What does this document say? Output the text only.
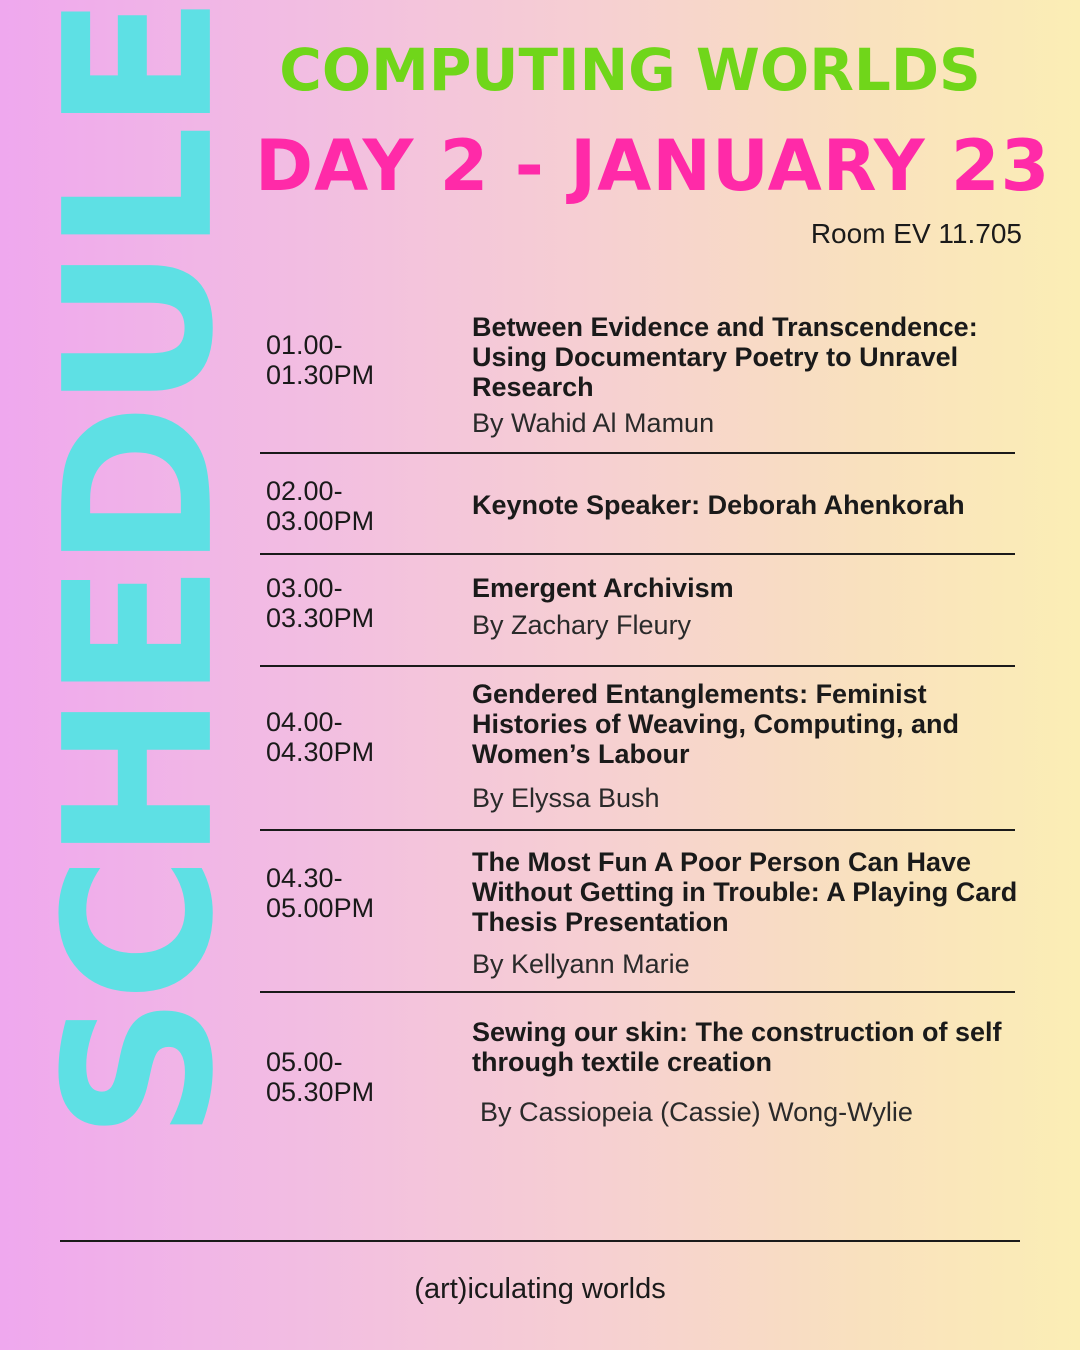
SCHEDULE COMPUTING WORLDS
DAY 2 - JANUARY 23
Room EV 11.705
01.00-
01.30PM
Between Evidence and Transcendence: Using Documentary Poetry to Unravel Research
By Wahid Al Mamun
02.00-
03.00PM
Keynote Speaker: Deborah Ahenkorah
03.00-
03.30PM
Emergent Archivism
By Zachary Fleury
04.00-
04.30PM
Gendered Entanglements: Feminist Histories of Weaving, Computing, and Women’s Labour
By Elyssa Bush
04.30-
05.00PM
The Most Fun A Poor Person Can Have Without Getting in Trouble: A Playing Card Thesis Presentation
By Kellyann Marie
05.00-
05.30PM
Sewing our skin: The construction of self through textile creation
By Cassiopeia (Cassie) Wong-Wylie
(art)iculating worlds
